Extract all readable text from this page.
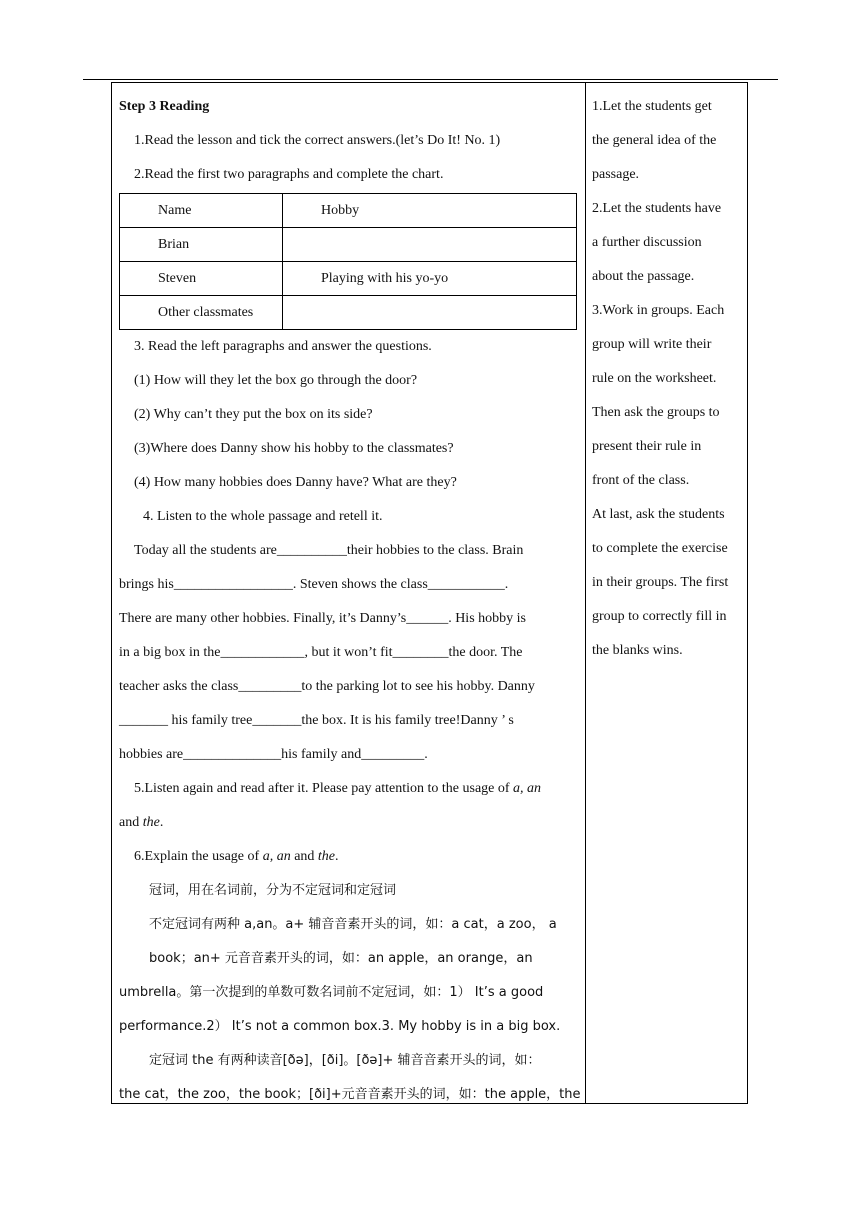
Step 3 Reading
1.Read the lesson and tick the correct answers.(let’s Do It! No. 1)
2.Read the first two paragraphs and complete the chart.
Name	Hobby
Brian	
Steven	Playing with his yo-yo
Other classmates	
3. Read the left paragraphs and answer the questions.
(1) How will they let the box go through the door?
(2) Why can’t they put the box on its side?
(3)Where does Danny show his hobby to the classmates?
(4) How many hobbies does Danny have? What are they?
4. Listen to the whole passage and retell it.
Today all the students are__________their hobbies to the class. Brain
brings his_________________. Steven shows the class___________.
There are many other hobbies. Finally, it’s Danny’s______. His hobby is
in a big box in the____________, but it won’t fit________the door. The
teacher asks the class_________to the parking lot to see his hobby. Danny
_______ his family tree_______the box. It is his family tree!Danny ’ s
hobbies are______________his family and_________.
5.Listen again and read after it. Please pay attention to the usage of a, an
and the.
6.Explain the usage of a, an and the.
冠词，用在名词前，分为不定冠词和定冠词
不定冠词有两种 a,an。a+ 辅音音素开头的词，如：a cat，a zoo， a
book；an+ 元音音素开头的词，如：an apple，an orange，an
umbrella。第一次提到的单数可数名词前不定冠词，如：1） It’s a good
performance.2） It’s not a common box.3. My hobby is in a big box.
定冠词 the 有两种读音[ðə]，[ði]。[ðə]+ 辅音音素开头的词，如：
the cat，the zoo，the book；[ði]+元音音素开头的词，如：the apple，the
1.Let the students get
the general idea of the
passage.
2.Let the students have
a further discussion
about the passage.
3.Work in groups. Each
group will write their
rule on the worksheet.
Then ask the groups to
present their rule in
front of the class.
At last, ask the students
to complete the exercise
in their groups. The first
group to correctly fill in
the blanks wins.
